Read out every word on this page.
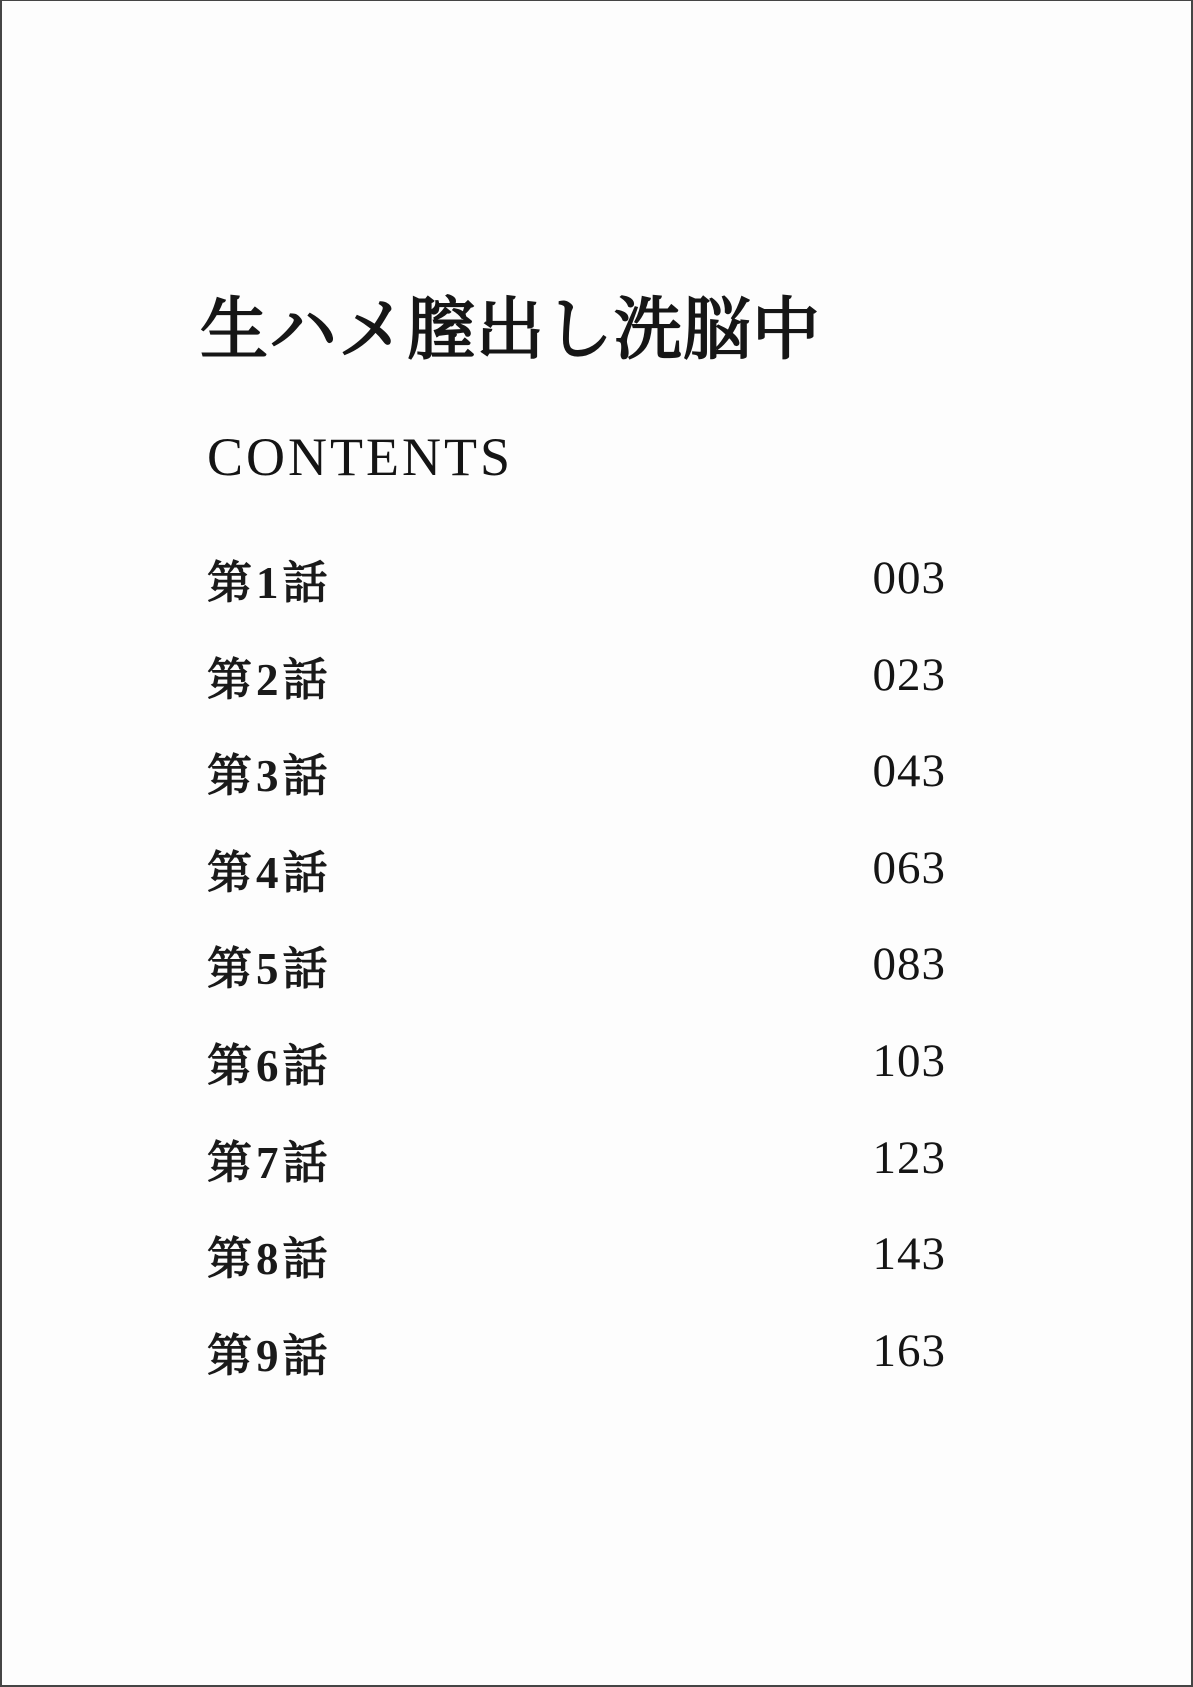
生ハメ膣出し洗脳中
CONTENTS
第1話	003
第2話	023
第3話	043
第4話	063
第5話	083
第6話	103
第7話	123
第8話	143
第9話	163
